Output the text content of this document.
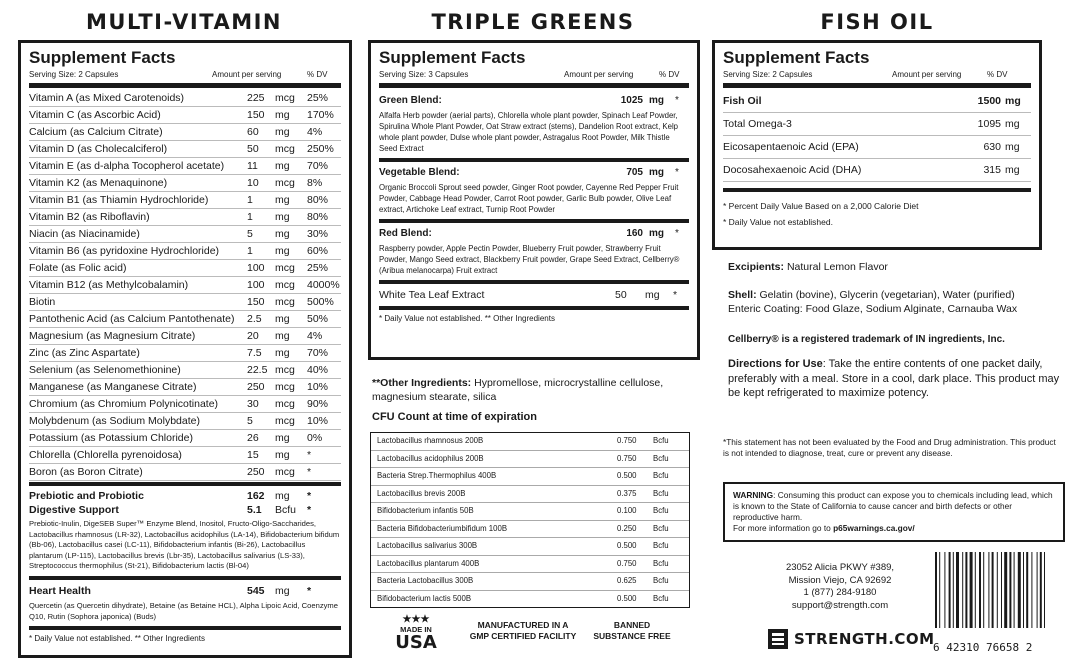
MULTI-VITAMIN	TRIPLE GREENS	FISH OIL
Supplement Facts
Serving Size: 2 Capsules	Amount per serving	% DV
Vitamin A (as Mixed Carotenoids)	225 mcg	25%
Vitamin C (as Ascorbic Acid)	150 mg	170%
Calcium (as Calcium Citrate)	60	mg	4%
Vitamin D (as Cholecalciferol)	50	mcg	250%
Vitamin E (as d-alpha Tocopherol acetate)	11	mg	70%
Vitamin K2 (as Menaquinone)	10	mcg	8%
Vitamin B1 (as Thiamin Hydrochloride)	1	mg	80%
Vitamin B2 (as Riboflavin)	1	mg	80%
Niacin (as Niacinamide)	5	mg	30%
Vitamin B6 (as pyridoxine Hydrochloride)	1	mg	60%
Folate (as Folic acid)	100 mcg	25%
Vitamin B12 (as Methylcobalamin)	100 mcg	4000%
Biotin	150 mcg	500%
Pantothenic Acid (as Calcium Pantothenate)	2.5	mg	50%
Magnesium (as Magnesium Citrate)	20	mg	4%
Zinc (as Zinc Aspartate)	7.5	mg	70%
Selenium (as Selenomethionine)	22.5 mcg	40%
Manganese (as Manganese Citrate)	250 mcg	10%
Chromium (as Chromium Polynicotinate)	30	mcg	90%
Molybdenum (as Sodium Molybdate)	5	mcg	10%
Potassium (as Potassium Chloride)	26	mg	0%
Chlorella (Chlorella pyrenoidosa)	15	mg	*
Boron (as Boron Citrate)	250 mcg	*
Prebiotic and Probiotic	162 mg	*
Digestive Support	5.1	Bcfu	*
Prebiotic-Inulin, DigeSEB Super™ Enzyme Blend, Inositol, Fructo-Oligo-Saccharides, Lactobacillus rhamnosus (LR-32), Lactobacillus acidophilus (LA-14), Bifidobacterium bifidum (Bb-06), Lactobacillus casei (LC-11), Bifidobacterium infantis (Bi-26), Lactobacillus plantarum (LP-115), Lactobacillus brevis (Lbr-35), Lactobacillus salivarius (LS-33), Streptococcus thermophilus (St-21), Bifidobacterium lactis (Bl-04)
Heart Health	545 mg	*
Quercetin (as Quercetin dihydrate), Betaine (as Betaine HCL), Alpha Lipoic Acid, Coenzyme Q10, Rutin (Sophora japonica) (Buds)
* Daily Value not established. ** Other Ingredients
Supplement Facts
Serving Size: 3 Capsules	Amount per serving	% DV
Green Blend:	1025 mg	*
Alfalfa Herb powder (aerial parts), Chlorella whole plant powder, Spinach Leaf Powder, Spirulina Whole Plant Powder, Oat Straw extract (stems), Dandelion Root extract, Kelp whole plant powder, Dulse whole plant powder, Astragalus Root Powder, Milk Thistle Seed Extract
Vegetable Blend:	705 mg	*
Organic Broccoli Sprout seed powder, Ginger Root powder, Cayenne Red Pepper Fruit Powder, Cabbage Head Powder, Carrot Root powder, Garlic Bulb powder, Olive Leaf extract, Artichoke Leaf extract, Turnip Root Powder
Red Blend:	160 mg	*
Raspberry powder, Apple Pectin Powder, Blueberry Fruit powder, Strawberry Fruit Powder, Mango Seed extract, Blackberry Fruit powder, Grape Seed Extract, Cellberry® (Aribua melanocarpa) Fruit extract
White Tea Leaf Extract	50	mg	*
* Daily Value not established. ** Other Ingredients
**Other Ingredients: Hypromellose, microcrystalline cellulose, magnesium stearate, silica
CFU Count at time of expiration
Lactobacillus rhamnosus 200B	0.750	Bcfu
Lactobacillus acidophilus 200B	0.750	Bcfu
Bacteria Strep.Thermophilus 400B	0.500	Bcfu
Lactobacillus brevis 200B	0.375	Bcfu
Bifidobacterium infantis 50B	0.100	Bcfu
Bacteria Bifidobacteriumbifidum 100B	0.250	Bcfu
Lactobacillus salivarius 300B	0.500	Bcfu
Lactobacillus plantarum 400B	0.750	Bcfu
Bacteria Lactobacillus 300B	0.625	Bcfu
Bifidobacterium lactis 500B	0.500	Bcfu
Supplement Facts
Serving Size: 2 Capsules	Amount per serving	% DV
Fish Oil	1500 mg
Total Omega-3	1095 mg
Eicosapentaenoic Acid (EPA)	630 mg
Docosahexaenoic Acid (DHA)	315 mg
* Percent Daily Value Based on a 2,000 Calorie Diet
* Daily Value not established.
Excipients: Natural Lemon Flavor
Shell: Gelatin (bovine), Glycerin (vegetarian), Water (purified)
Enteric Coating: Food Glaze, Sodium Alginate, Carnauba Wax
Cellberry® is a registered trademark of IN ingredients, Inc.
Directions for Use: Take the entire contents of one packet daily, preferably with a meal. Store in a cool, dark place. This product may be kept refrigerated to maximize potency.
*This statement has not been evaluated by the Food and Drug administration. This product is not intended to diagnose, treat, cure or prevent any disease.
WARNING: Consuming this product can expose you to chemicals including lead, which is known to the State of California to cause cancer and birth defects or other reproductive harm.
For more information go to p65warnings.ca.gov/
23052 Alicia PKWY #389,
Mission Viejo, CA 92692
1 (877) 284-9180
support@strength.com
STRENGTH.COM
6 42310 76658 2
★★★
MADE IN
USA
MANUFACTURED IN A GMP CERTIFIED FACILITY
BANNED SUBSTANCE FREE
